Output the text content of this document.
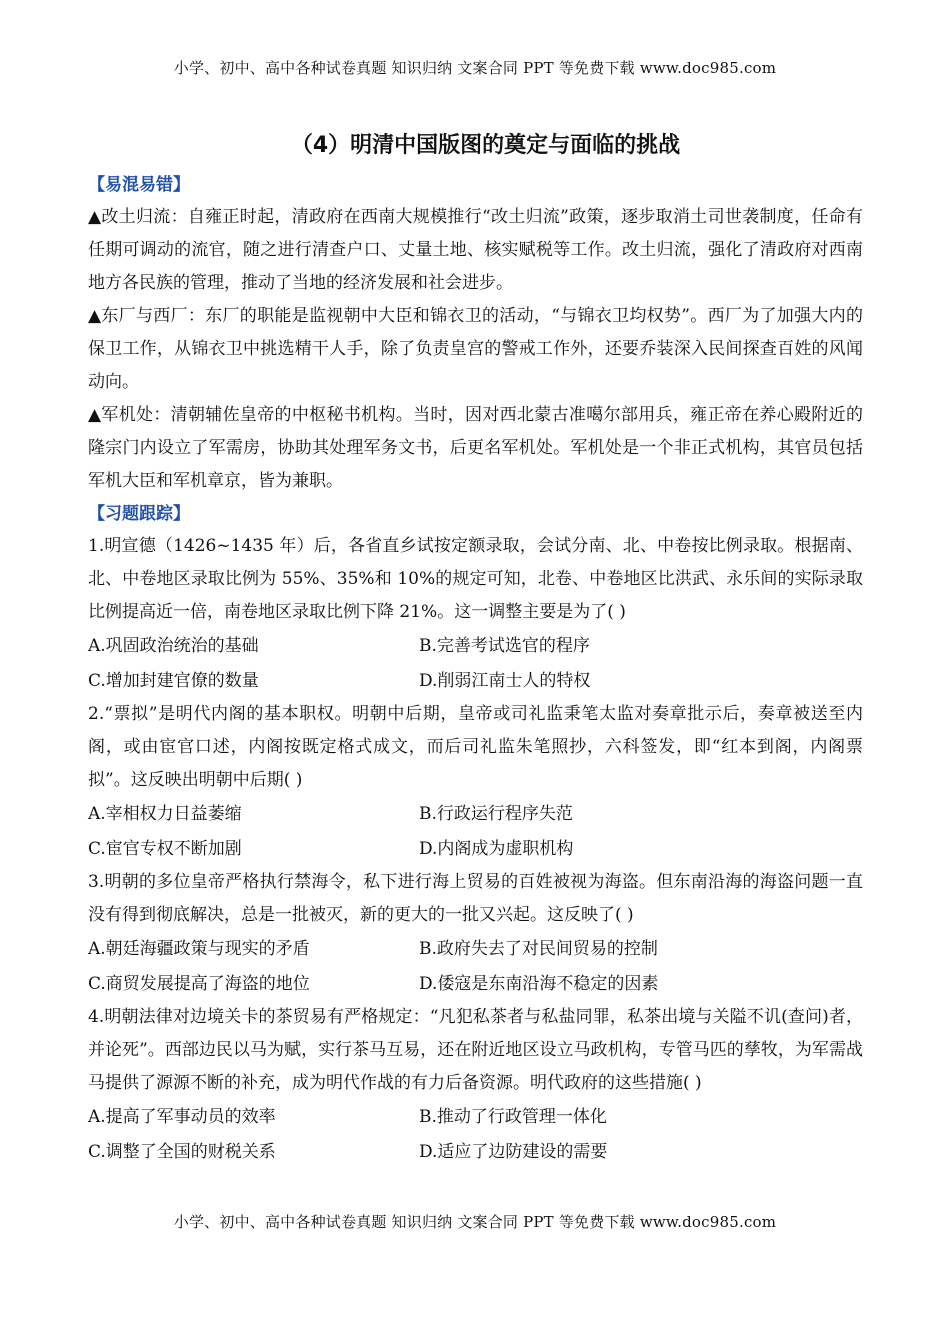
小学、初中、高中各种试卷真题 知识归纳 文案合同 PPT 等免费下载 www.doc985.com
（4）明清中国版图的奠定与面临的挑战
【易混易错】

▲改土归流：自雍正时起，清政府在西南大规模推行“改土归流”政策，逐步取消土司世袭制度，任命有任期可调动的流官，随之进行清查户口、丈量土地、核实赋税等工作。改土归流，强化了清政府对西南地方各民族的管理，推动了当地的经济发展和社会进步。

▲东厂与西厂：东厂的职能是监视朝中大臣和锦衣卫的活动，“与锦衣卫均权势”。西厂为了加强大内的保卫工作，从锦衣卫中挑选精干人手，除了负责皇宫的警戒工作外，还要乔装深入民间探查百姓的风闻动向。

▲军机处：清朝辅佐皇帝的中枢秘书机构。当时，因对西北蒙古准噶尔部用兵，雍正帝在养心殿附近的隆宗门内设立了军需房，协助其处理军务文书，后更名军机处。军机处是一个非正式机构，其官员包括军机大臣和军机章京，皆为兼职。

【习题跟踪】

1.明宣德（1426~1435 年）后，各省直乡试按定额录取，会试分南、北、中卷按比例录取。根据南、北、中卷地区录取比例为 55%、35%和 10%的规定可知，北卷、中卷地区比洪武、永乐间的实际录取比例提高近一倍，南卷地区录取比例下降 21%。这一调整主要是为了( )

A.巩固政治统治的基础	B.完善考试选官的程序
C.增加封建官僚的数量	D.削弱江南士人的特权

2.“票拟”是明代内阁的基本职权。明朝中后期，皇帝或司礼监秉笔太监对奏章批示后，奏章被送至内阁，或由宦官口述，内阁按既定格式成文，而后司礼监朱笔照抄，六科签发，即“红本到阁，内阁票拟”。这反映出明朝中后期( )

A.宰相权力日益萎缩	B.行政运行程序失范
C.宦官专权不断加剧	D.内阁成为虚职机构

3.明朝的多位皇帝严格执行禁海令，私下进行海上贸易的百姓被视为海盗。但东南沿海的海盗问题一直没有得到彻底解决，总是一批被灭，新的更大的一批又兴起。这反映了( )

A.朝廷海疆政策与现实的矛盾	B.政府失去了对民间贸易的控制
C.商贸发展提高了海盗的地位	D.倭寇是东南沿海不稳定的因素

4.明朝法律对边境关卡的茶贸易有严格规定：“凡犯私茶者与私盐同罪，私茶出境与关隘不讥(查问)者，并论死”。西部边民以马为赋，实行茶马互易，还在附近地区设立马政机构，专管马匹的孳牧，为军需战马提供了源源不断的补充，成为明代作战的有力后备资源。明代政府的这些措施( )

A.提高了军事动员的效率	B.推动了行政管理一体化
C.调整了全国的财税关系	D.适应了边防建设的需要
小学、初中、高中各种试卷真题 知识归纳 文案合同 PPT 等免费下载 www.doc985.com
